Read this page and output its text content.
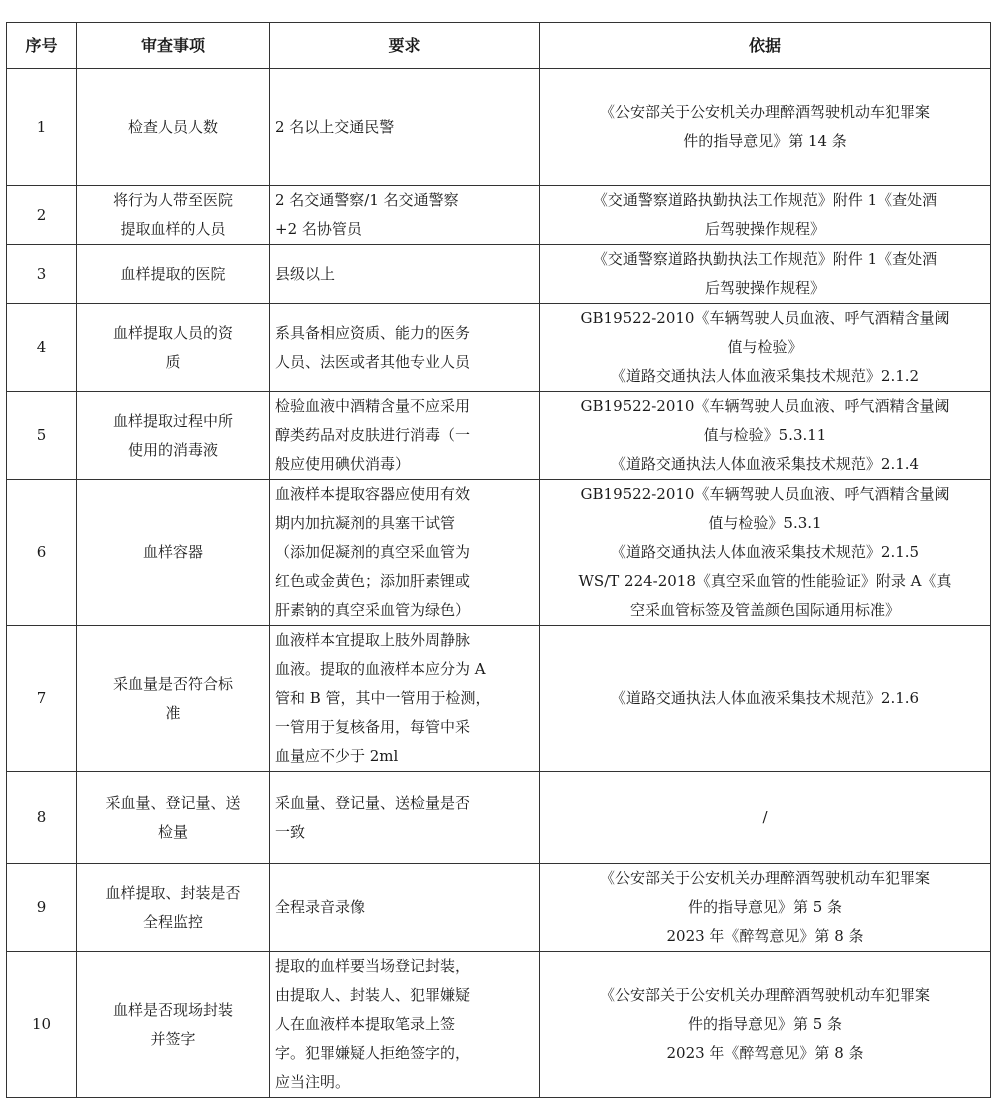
序号	审查事项	要求	依据
1	检查人员人数	2 名以上交通民警	《公安部关于公安机关办理醉酒驾驶机动车犯罪案
件的指导意见》第 14 条

2	将行为人带至医院
提取血样的人员	2 名交通警察/1 名交通警察
+2 名协管员	《交通警察道路执勤执法工作规范》附件 1《查处酒
后驾驶操作规程》

3	血样提取的医院	县级以上	《交通警察道路执勤执法工作规范》附件 1《查处酒
后驾驶操作规程》

4	血样提取人员的资
质	系具备相应资质、能力的医务
人员、法医或者其他专业人员	GB19522-2010《车辆驾驶人员血液、呼气酒精含量阈
值与检验》
《道路交通执法人体血液采集技术规范》2.1.2

5	血样提取过程中所
使用的消毒液	检验血液中酒精含量不应采用
醇类药品对皮肤进行消毒（一
般应使用碘伏消毒）	GB19522-2010《车辆驾驶人员血液、呼气酒精含量阈
值与检验》5.3.11
《道路交通执法人体血液采集技术规范》2.1.4

6	血样容器	血液样本提取容器应使用有效
期内加抗凝剂的具塞干试管
（添加促凝剂的真空采血管为
红色或金黄色；添加肝素锂或
肝素钠的真空采血管为绿色）	GB19522-2010《车辆驾驶人员血液、呼气酒精含量阈
值与检验》5.3.1
《道路交通执法人体血液采集技术规范》2.1.5
WS/T 224-2018《真空采血管的性能验证》附录 A《真
空采血管标签及管盖颜色国际通用标准》

7	采血量是否符合标
准	血液样本宜提取上肢外周静脉
血液。提取的血液样本应分为 A
管和 B 管，其中一管用于检测，
一管用于复核备用，每管中采
血量应不少于 2ml	《道路交通执法人体血液采集技术规范》2.1.6

8	采血量、登记量、送
检量	采血量、登记量、送检量是否
一致	/

9	血样提取、封装是否
全程监控	全程录音录像	《公安部关于公安机关办理醉酒驾驶机动车犯罪案
件的指导意见》第 5 条
2023 年《醉驾意见》第 8 条

10	血样是否现场封装
并签字	提取的血样要当场登记封装，
由提取人、封装人、犯罪嫌疑
人在血液样本提取笔录上签
字。犯罪嫌疑人拒绝签字的，
应当注明。	《公安部关于公安机关办理醉酒驾驶机动车犯罪案
件的指导意见》第 5 条
2023 年《醉驾意见》第 8 条
